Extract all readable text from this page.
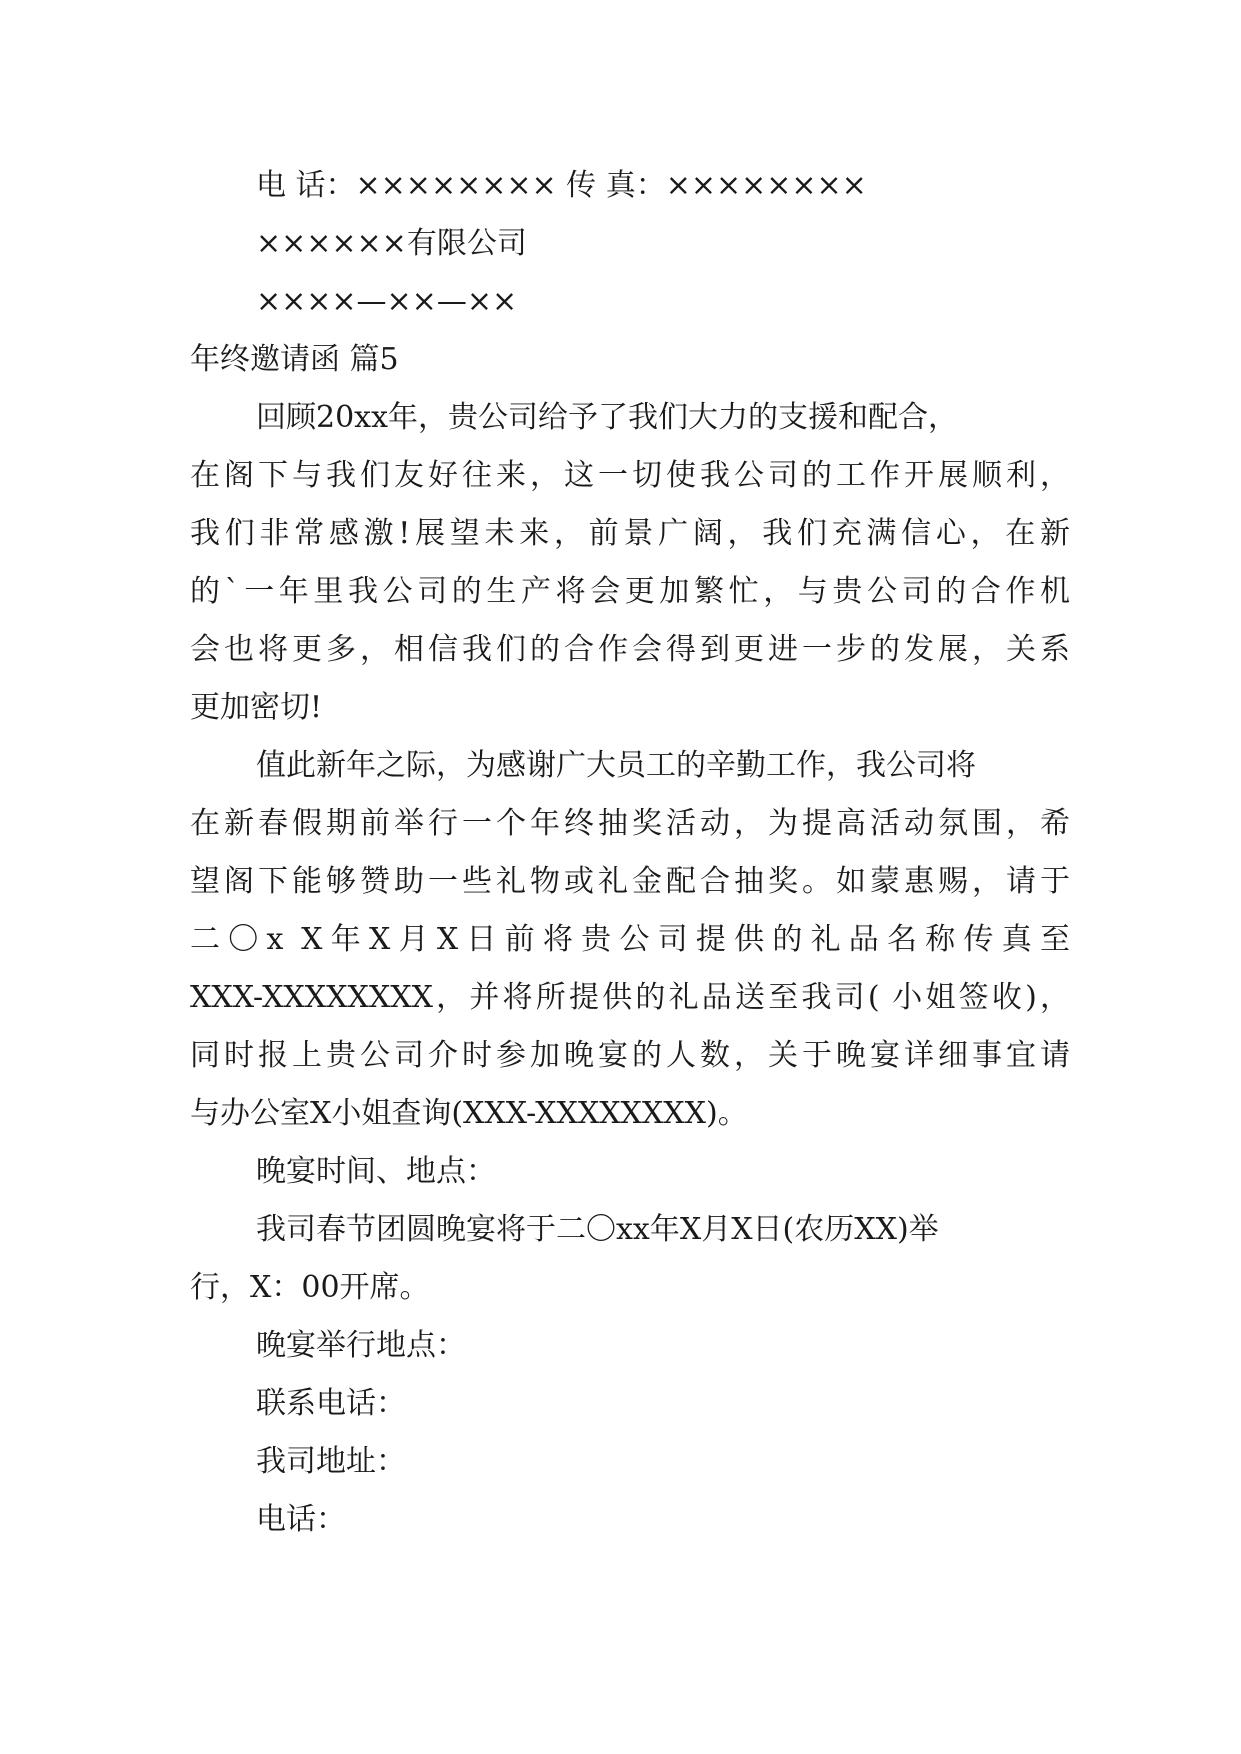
电 话：×××××××× 传 真：××××××××

××××××有限公司

××××—××—××

年终邀请函 篇5

回顾20xx年，贵公司给予了我们大力的支援和配合，

在阁下与我们友好往来，这一切使我公司的工作开展顺利，

我们非常感激!展望未来，前景广阔，我们充满信心，在新

的`一年里我公司的生产将会更加繁忙，与贵公司的合作机

会也将更多，相信我们的合作会得到更进一步的发展，关系

更加密切!

值此新年之际，为感谢广大员工的辛勤工作，我公司将

在新春假期前举行一个年终抽奖活动，为提高活动氛围，希

望阁下能够赞助一些礼物或礼金配合抽奖。如蒙惠赐，请于

二〇x X年X月X日前将贵公司提供的礼品名称传真至

XXX-XXXXXXXX，并将所提供的礼品送至我司( 小姐签收)，

同时报上贵公司介时参加晚宴的人数，关于晚宴详细事宜请

与办公室X小姐查询(XXX-XXXXXXXX)。

晚宴时间、地点：

我司春节团圆晚宴将于二〇xx年X月X日(农历XX)举

行，X：00开席。

晚宴举行地点：

联系电话：

我司地址：

电话：
